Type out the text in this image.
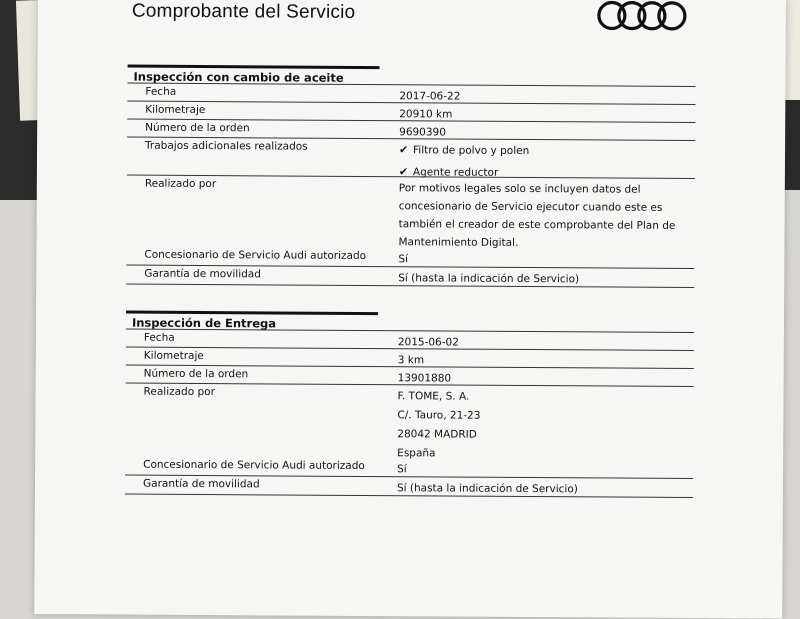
Comprobante del Servicio
Inspección con cambio de aceite
Fecha	2017-06-22
Kilometraje	20910 km
Número de la orden	9690390
Trabajos adicionales realizados	✔ Filtro de polvo y polen
✔ Agente reductor
Realizado por	Por motivos legales solo se incluyen datos del concesionario de Servicio ejecutor cuando este es también el creador de este comprobante del Plan de Mantenimiento Digital.
Concesionario de Servicio Audi autorizado	Sí
Garantía de movilidad	Sí (hasta la indicación de Servicio)
Inspección de Entrega
Fecha	2015-06-02
Kilometraje	3 km
Número de la orden	13901880
Realizado por	F. TOME, S. A.
C/. Tauro, 21-23
28042 MADRID
España
Concesionario de Servicio Audi autorizado	Sí
Garantía de movilidad	Sí (hasta la indicación de Servicio)
